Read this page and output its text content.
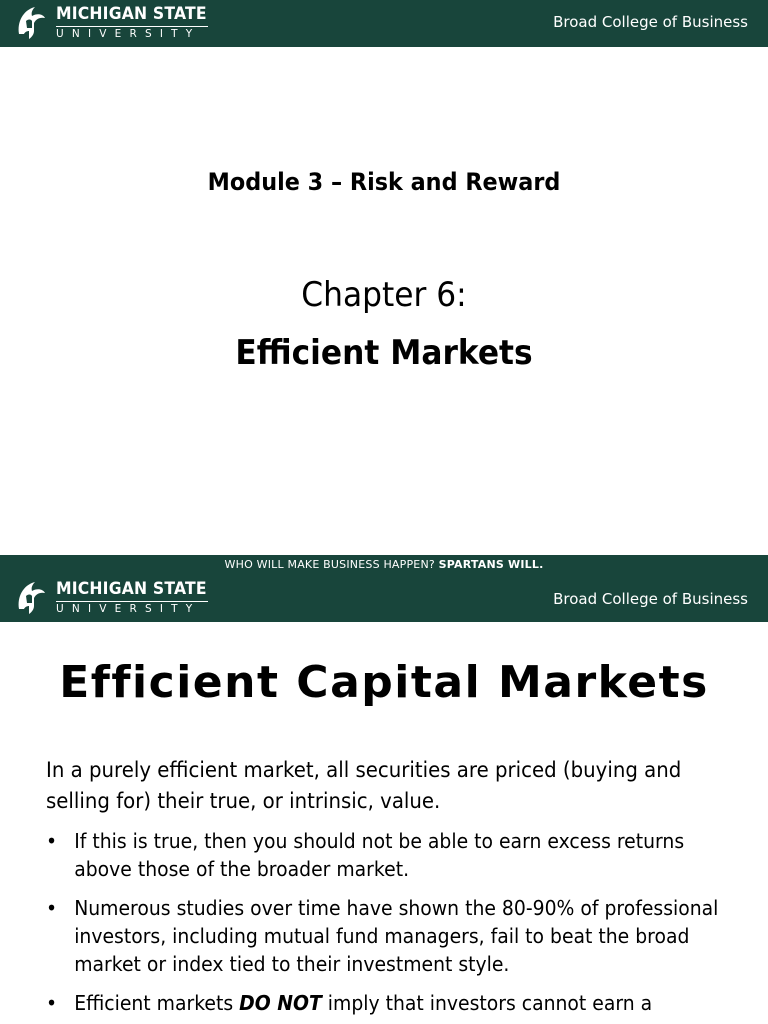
MICHIGAN STATE
UNIVERSITY
Broad College of Business
Module 3 – Risk and Reward
Chapter 6:
Efficient Markets
WHO WILL MAKE BUSINESS HAPPEN? SPARTANS WILL.
MICHIGAN STATE
UNIVERSITY
Broad College of Business
Efficient Capital Markets

In a purely efficient market, all securities are priced (buying and selling for) their true, or intrinsic, value.

• If this is true, then you should not be able to earn excess returns above those of the broader market.
• Numerous studies over time have shown the 80-90% of professional investors, including mutual fund managers, fail to beat the broad market or index tied to their investment style.
• Efficient markets DO NOT imply that investors cannot earn a
